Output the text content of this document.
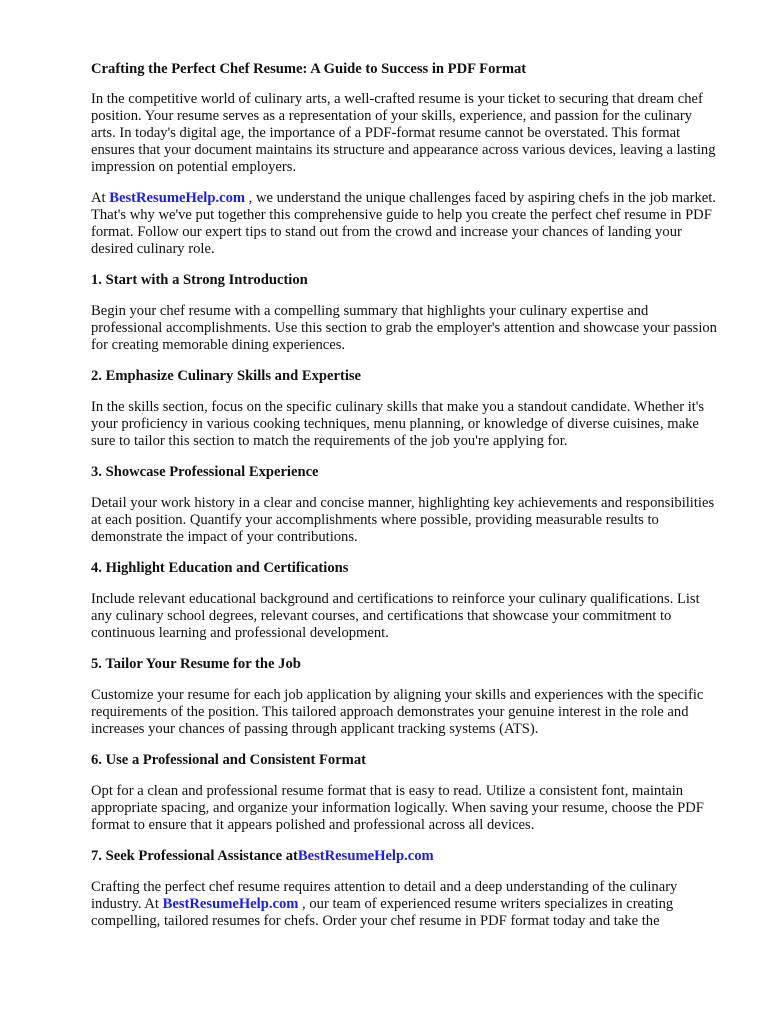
Crafting the Perfect Chef Resume: A Guide to Success in PDF Format

In the competitive world of culinary arts, a well-crafted resume is your ticket to securing that dream chef position. Your resume serves as a representation of your skills, experience, and passion for the culinary arts. In today's digital age, the importance of a PDF-format resume cannot be overstated. This format ensures that your document maintains its structure and appearance across various devices, leaving a lasting impression on potential employers.

At BestResumeHelp.com , we understand the unique challenges faced by aspiring chefs in the job market. That's why we've put together this comprehensive guide to help you create the perfect chef resume in PDF format. Follow our expert tips to stand out from the crowd and increase your chances of landing your desired culinary role.

1. Start with a Strong Introduction

Begin your chef resume with a compelling summary that highlights your culinary expertise and professional accomplishments. Use this section to grab the employer's attention and showcase your passion for creating memorable dining experiences.

2. Emphasize Culinary Skills and Expertise

In the skills section, focus on the specific culinary skills that make you a standout candidate. Whether it's your proficiency in various cooking techniques, menu planning, or knowledge of diverse cuisines, make sure to tailor this section to match the requirements of the job you're applying for.

3. Showcase Professional Experience

Detail your work history in a clear and concise manner, highlighting key achievements and responsibilities at each position. Quantify your accomplishments where possible, providing measurable results to demonstrate the impact of your contributions.

4. Highlight Education and Certifications

Include relevant educational background and certifications to reinforce your culinary qualifications. List any culinary school degrees, relevant courses, and certifications that showcase your commitment to continuous learning and professional development.

5. Tailor Your Resume for the Job

Customize your resume for each job application by aligning your skills and experiences with the specific requirements of the position. This tailored approach demonstrates your genuine interest in the role and increases your chances of passing through applicant tracking systems (ATS).

6. Use a Professional and Consistent Format

Opt for a clean and professional resume format that is easy to read. Utilize a consistent font, maintain appropriate spacing, and organize your information logically. When saving your resume, choose the PDF format to ensure that it appears polished and professional across all devices.

7. Seek Professional Assistance atBestResumeHelp.com

Crafting the perfect chef resume requires attention to detail and a deep understanding of the culinary industry. At BestResumeHelp.com , our team of experienced resume writers specializes in creating compelling, tailored resumes for chefs. Order your chef resume in PDF format today and take the
